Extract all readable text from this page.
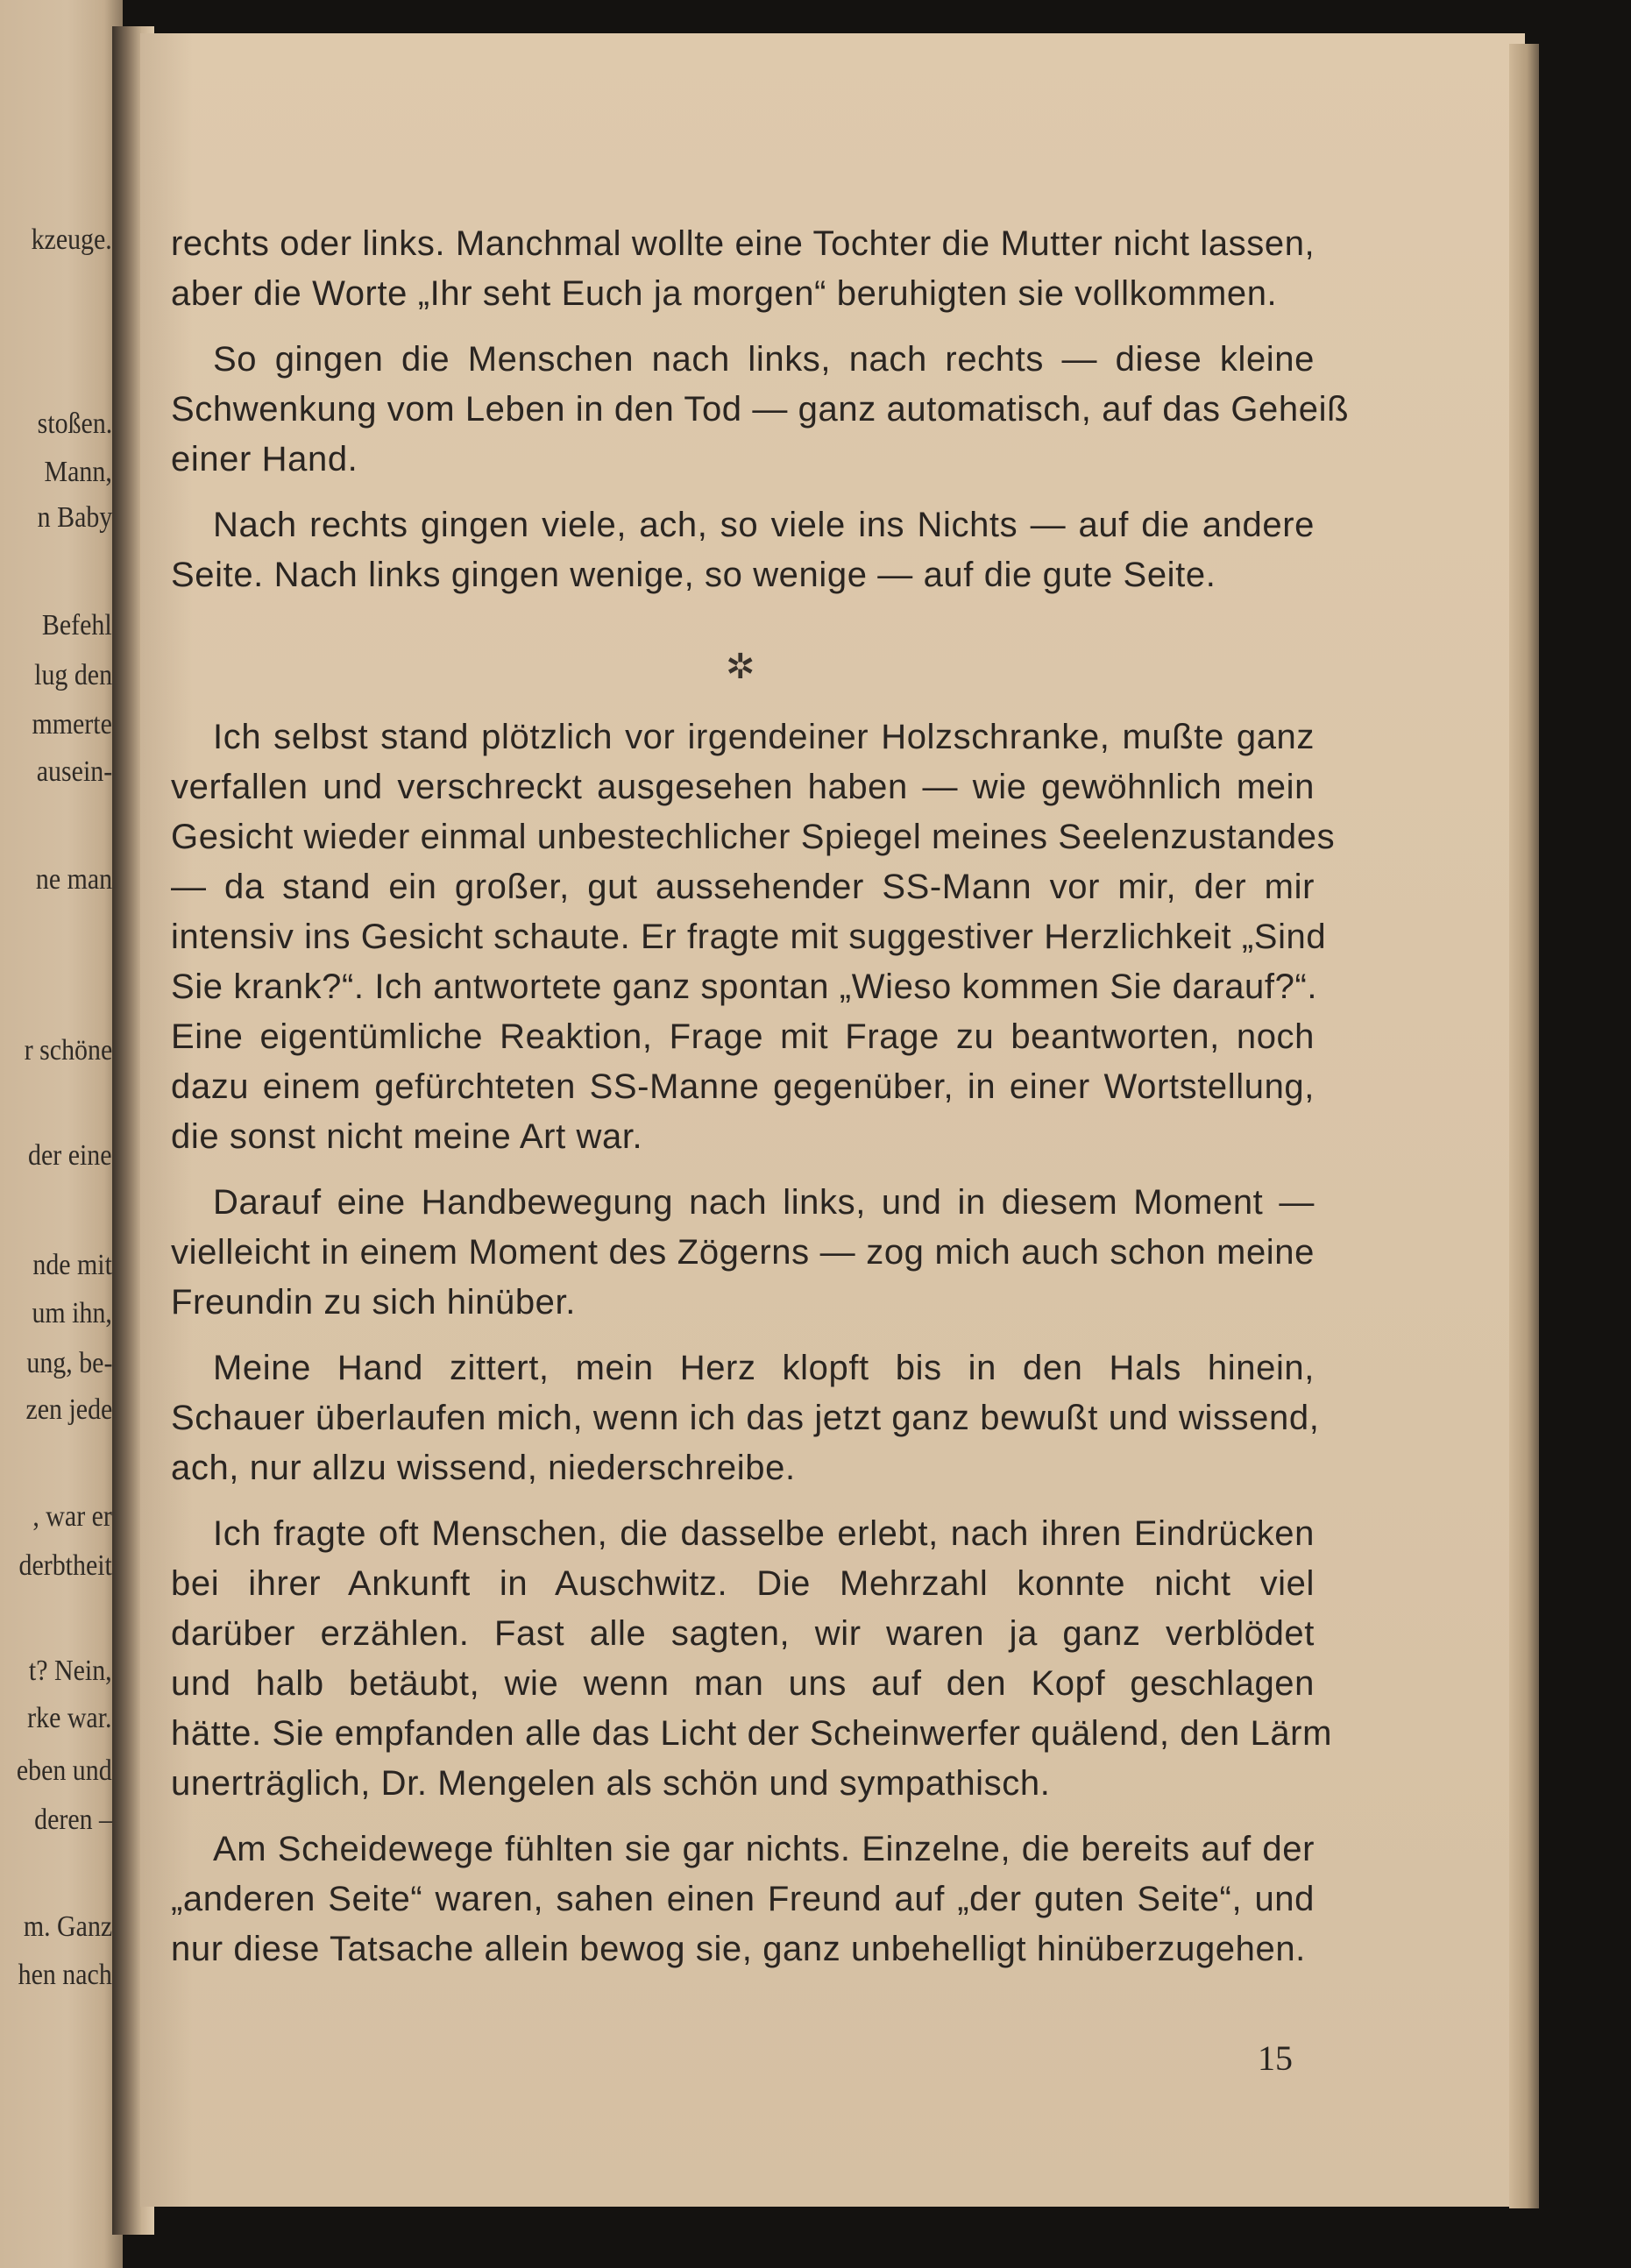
kzeuge.
stoßen.
Mann,
n Baby
Befehl
lug den
mmerte
ausein-
ne man
r schöne
der eine
nde mit
um ihn,
ung, be-
zen jede
, war er
derbtheit
t? Nein,
rke war.
eben und
deren –
m. Ganz
hen nach
rechts oder links. Manchmal wollte eine Tochter die Mutter nicht lassen,
aber die Worte „Ihr seht Euch ja morgen“ beruhigten sie vollkommen.
So gingen die Menschen nach links, nach rechts — diese kleine
Schwenkung vom Leben in den Tod — ganz automatisch, auf das Geheiß
einer Hand.
Nach rechts gingen viele, ach, so viele ins Nichts — auf die andere
Seite. Nach links gingen wenige, so wenige — auf die gute Seite.
Ich selbst stand plötzlich vor irgendeiner Holzschranke, mußte ganz
verfallen und verschreckt ausgesehen haben — wie gewöhnlich mein
Gesicht wieder einmal unbestechlicher Spiegel meines Seelenzustandes
— da stand ein großer, gut aussehender SS-Mann vor mir, der mir
intensiv ins Gesicht schaute. Er fragte mit suggestiver Herzlichkeit „Sind
Sie krank?“. Ich antwortete ganz spontan „Wieso kommen Sie darauf?“.
Eine eigentümliche Reaktion, Frage mit Frage zu beantworten, noch
dazu einem gefürchteten SS-Manne gegenüber, in einer Wortstellung,
die sonst nicht meine Art war.
Darauf eine Handbewegung nach links, und in diesem Moment —
vielleicht in einem Moment des Zögerns — zog mich auch schon meine
Freundin zu sich hinüber.
Meine Hand zittert, mein Herz klopft bis in den Hals hinein,
Schauer überlaufen mich, wenn ich das jetzt ganz bewußt und wissend,
ach, nur allzu wissend, niederschreibe.
Ich fragte oft Menschen, die dasselbe erlebt, nach ihren Eindrücken
bei ihrer Ankunft in Auschwitz. Die Mehrzahl konnte nicht viel
darüber erzählen. Fast alle sagten, wir waren ja ganz verblödet
und halb betäubt, wie wenn man uns auf den Kopf geschlagen
hätte. Sie empfanden alle das Licht der Scheinwerfer quälend, den Lärm
unerträglich, Dr. Mengelen als schön und sympathisch.
Am Scheidewege fühlten sie gar nichts. Einzelne, die bereits auf der
„anderen Seite“ waren, sahen einen Freund auf „der guten Seite“, und
nur diese Tatsache allein bewog sie, ganz unbehelligt hinüberzugehen.
✲
15
